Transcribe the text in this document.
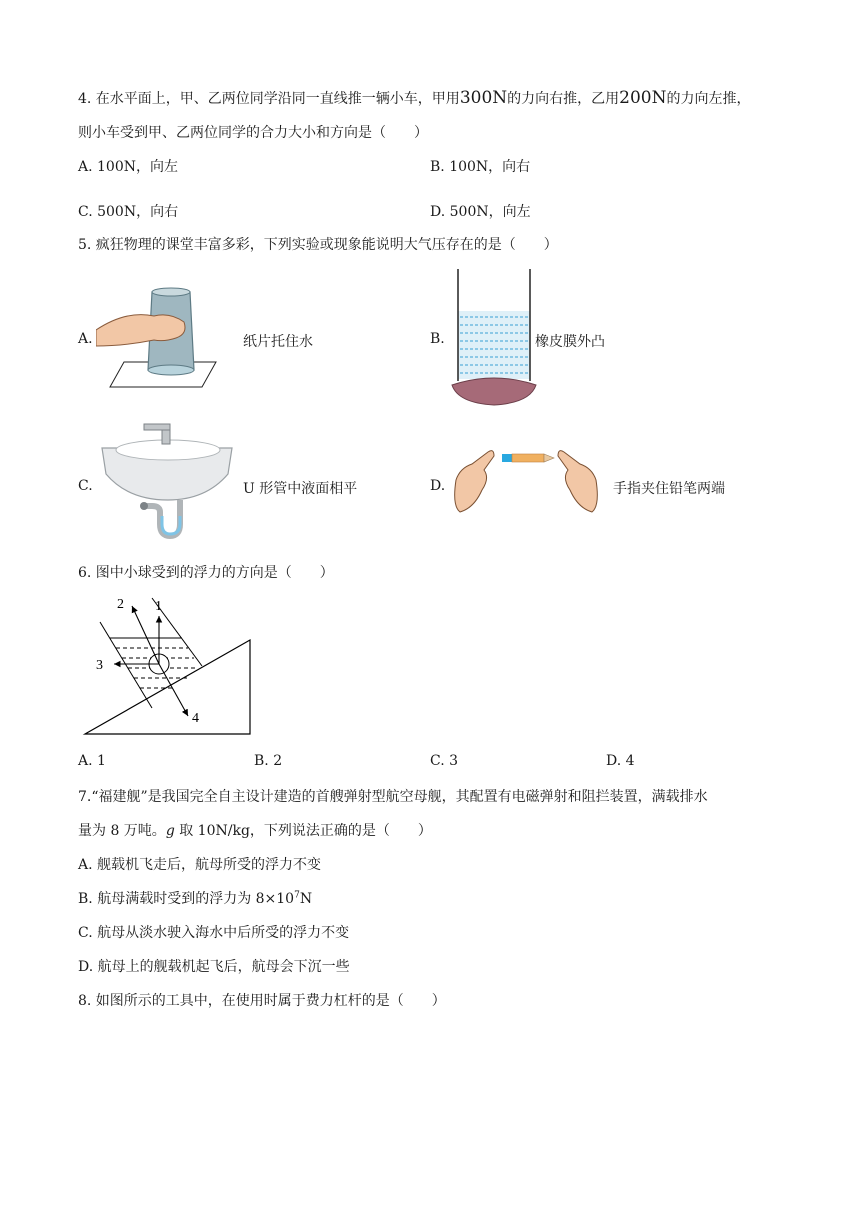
4. 在水平面上，甲、乙两位同学沿同一直线推一辆小车，甲用300N的力向右推，乙用200N的力向左推，
则小车受到甲、乙两位同学的合力大小和方向是（　　）
A. 100N，向左	B. 100N，向右
C. 500N，向右	D. 500N，向左
5. 疯狂物理的课堂丰富多彩，下列实验或现象能说明大气压存在的是（　　）
A.	纸片托住水	B.	橡皮膜外凸
C.	U 形管中液面相平	D.	手指夹住铅笔两端
6. 图中小球受到的浮力的方向是（　　）
1
2
3
4
A. 1	B. 2	C. 3	D. 4
7.“福建舰”是我国完全自主设计建造的首艘弹射型航空母舰，其配置有电磁弹射和阻拦装置，满载排水
量为 8 万吨。g 取 10N/kg，下列说法正确的是（　　）
A. 舰载机飞走后，航母所受的浮力不变
B. 航母满载时受到的浮力为 $8\times 10^7N$
C. 航母从淡水驶入海水中后所受的浮力不变
D. 航母上的舰载机起飞后，航母会下沉一些
8. 如图所示的工具中，在使用时属于费力杠杆的是（　　）
